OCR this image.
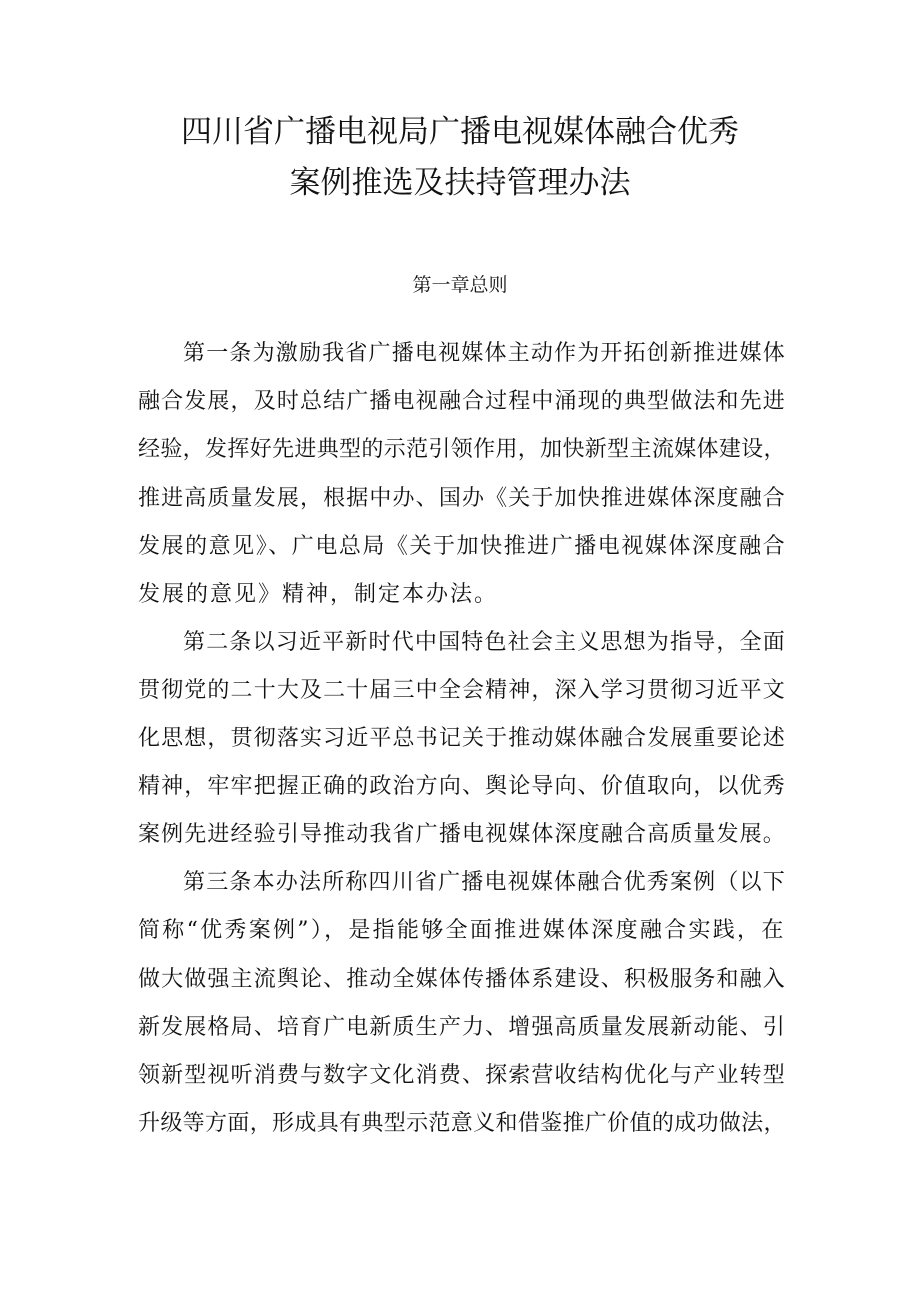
四川省广播电视局广播电视媒体融合优秀
案例推选及扶持管理办法
第一章总则

第一条为激励我省广播电视媒体主动作为开拓创新推进媒体

融合发展，及时总结广播电视融合过程中涌现的典型做法和先进

经验，发挥好先进典型的示范引领作用，加快新型主流媒体建设，

推进高质量发展，根据中办、国办《关于加快推进媒体深度融合

发展的意见》、广电总局《关于加快推进广播电视媒体深度融合

发展的意见》精神，制定本办法。

第二条以习近平新时代中国特色社会主义思想为指导，全面

贯彻党的二十大及二十届三中全会精神，深入学习贯彻习近平文

化思想，贯彻落实习近平总书记关于推动媒体融合发展重要论述

精神，牢牢把握正确的政治方向、舆论导向、价值取向，以优秀

案例先进经验引导推动我省广播电视媒体深度融合高质量发展。

第三条本办法所称四川省广播电视媒体融合优秀案例（以下

简称“优秀案例”），是指能够全面推进媒体深度融合实践，在

做大做强主流舆论、推动全媒体传播体系建设、积极服务和融入

新发展格局、培育广电新质生产力、增强高质量发展新动能、引

领新型视听消费与数字文化消费、探索营收结构优化与产业转型

升级等方面，形成具有典型示范意义和借鉴推广价值的成功做法，
